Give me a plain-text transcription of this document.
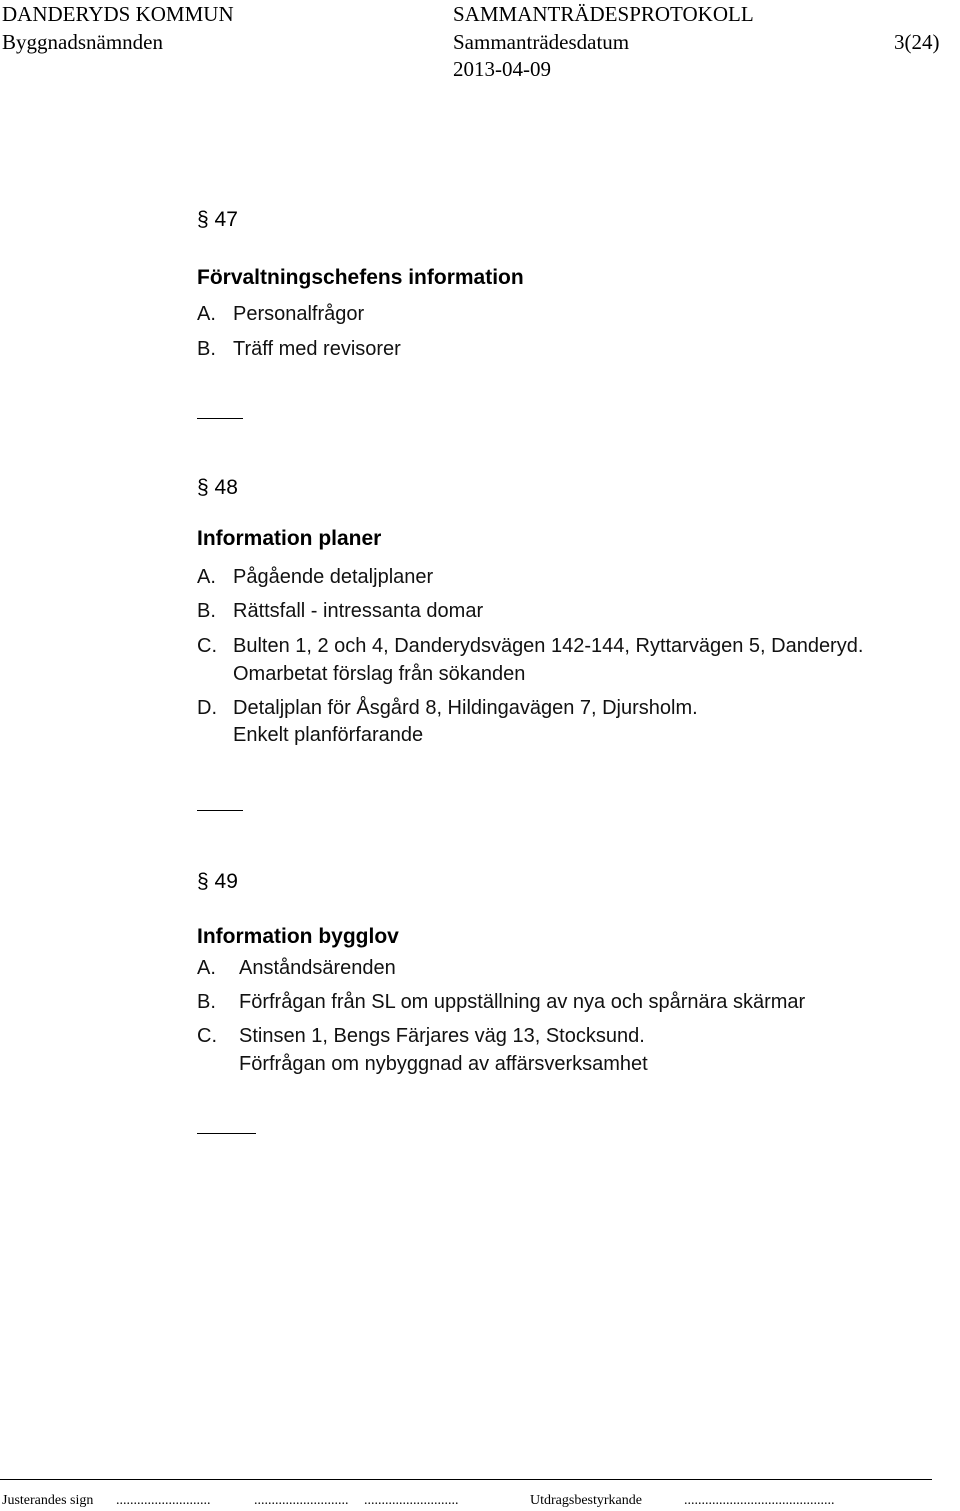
DANDERYDS KOMMUN
Byggnadsnämnden
SAMMANTRÄDESPROTOKOLL
Sammanträdesdatum
2013-04-09
3(24)
§ 47
Förvaltningschefens information
A. Personalfrågor
B. Träff med revisorer
§ 48
Information planer
A. Pågående detaljplaner
B. Rättsfall - intressanta domar
C. Bulten 1, 2 och 4, Danderydsvägen 142-144, Ryttarvägen 5, Danderyd.
Omarbetat förslag från sökanden
D. Detaljplan för Åsgård 8, Hildingavägen 7, Djursholm.
Enkelt planförfarande
§ 49
Information bygglov
A. Anståndsärenden
B. Förfrågan från SL om uppställning av nya och spårnära skärmar
C. Stinsen 1, Bengs Färjares väg 13, Stocksund.
Förfrågan om nybyggnad av affärsverksamhet
Justerandes sign ...........................	........................... ...........................	Utdragsbestyrkande	...........................................
